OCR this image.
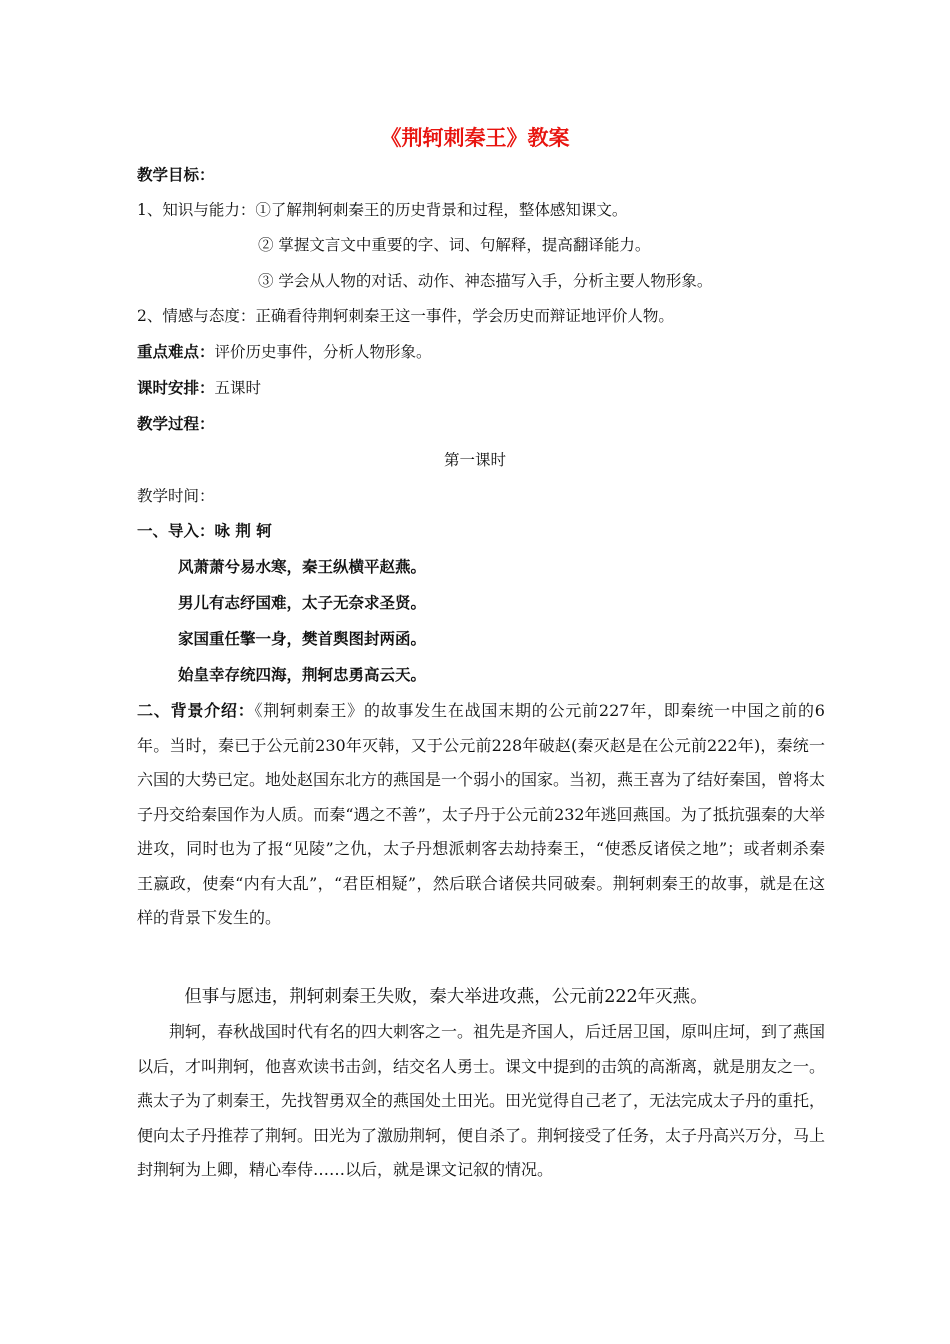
《荆轲刺秦王》教案
教学目标：
1、知识与能力：①了解荆轲刺秦王的历史背景和过程，整体感知课文。
② 掌握文言文中重要的字、词、句解释，提高翻译能力。
③ 学会从人物的对话、动作、神态描写入手，分析主要人物形象。
2、情感与态度：正确看待荆轲刺秦王这一事件，学会历史而辩证地评价人物。
重点难点：评价历史事件，分析人物形象。
课时安排：五课时
教学过程：
第一课时
教学时间：
一、导入：咏 荆 轲
风萧萧兮易水寒，秦王纵横平赵燕。
男儿有志纾国难，太子无奈求圣贤。
家国重任擎一身，樊首舆图封两函。
始皇幸存统四海，荆轲忠勇高云天。

二、背景介绍：《荆轲刺秦王》的故事发生在战国末期的公元前227年，即秦统一中国之前的6年。当时，秦已于公元前230年灭韩，又于公元前228年破赵(秦灭赵是在公元前222年)，秦统一六国的大势已定。地处赵国东北方的燕国是一个弱小的国家。当初，燕王喜为了结好秦国，曾将太子丹交给秦国作为人质。而秦“遇之不善”，太子丹于公元前232年逃回燕国。为了抵抗强秦的大举进攻，同时也为了报“见陵”之仇，太子丹想派刺客去劫持秦王，“使悉反诸侯之地”；或者刺杀秦王嬴政，使秦“内有大乱”，“君臣相疑”，然后联合诸侯共同破秦。荆轲刺秦王的故事，就是在这样的背景下发生的。

但事与愿违，荆轲刺秦王失败，秦大举进攻燕，公元前222年灭燕。

荆轲，春秋战国时代有名的四大刺客之一。祖先是齐国人，后迁居卫国，原叫庄坷，到了燕国以后，才叫荆轲，他喜欢读书击剑，结交名人勇士。课文中提到的击筑的高渐离，就是朋友之一。燕太子为了刺秦王，先找智勇双全的燕国处土田光。田光觉得自己老了，无法完成太子丹的重托，便向太子丹推荐了荆轲。田光为了激励荆轲，便自杀了。荆轲接受了任务，太子丹高兴万分，马上封荆轲为上卿，精心奉侍……以后，就是课文记叙的情况。
